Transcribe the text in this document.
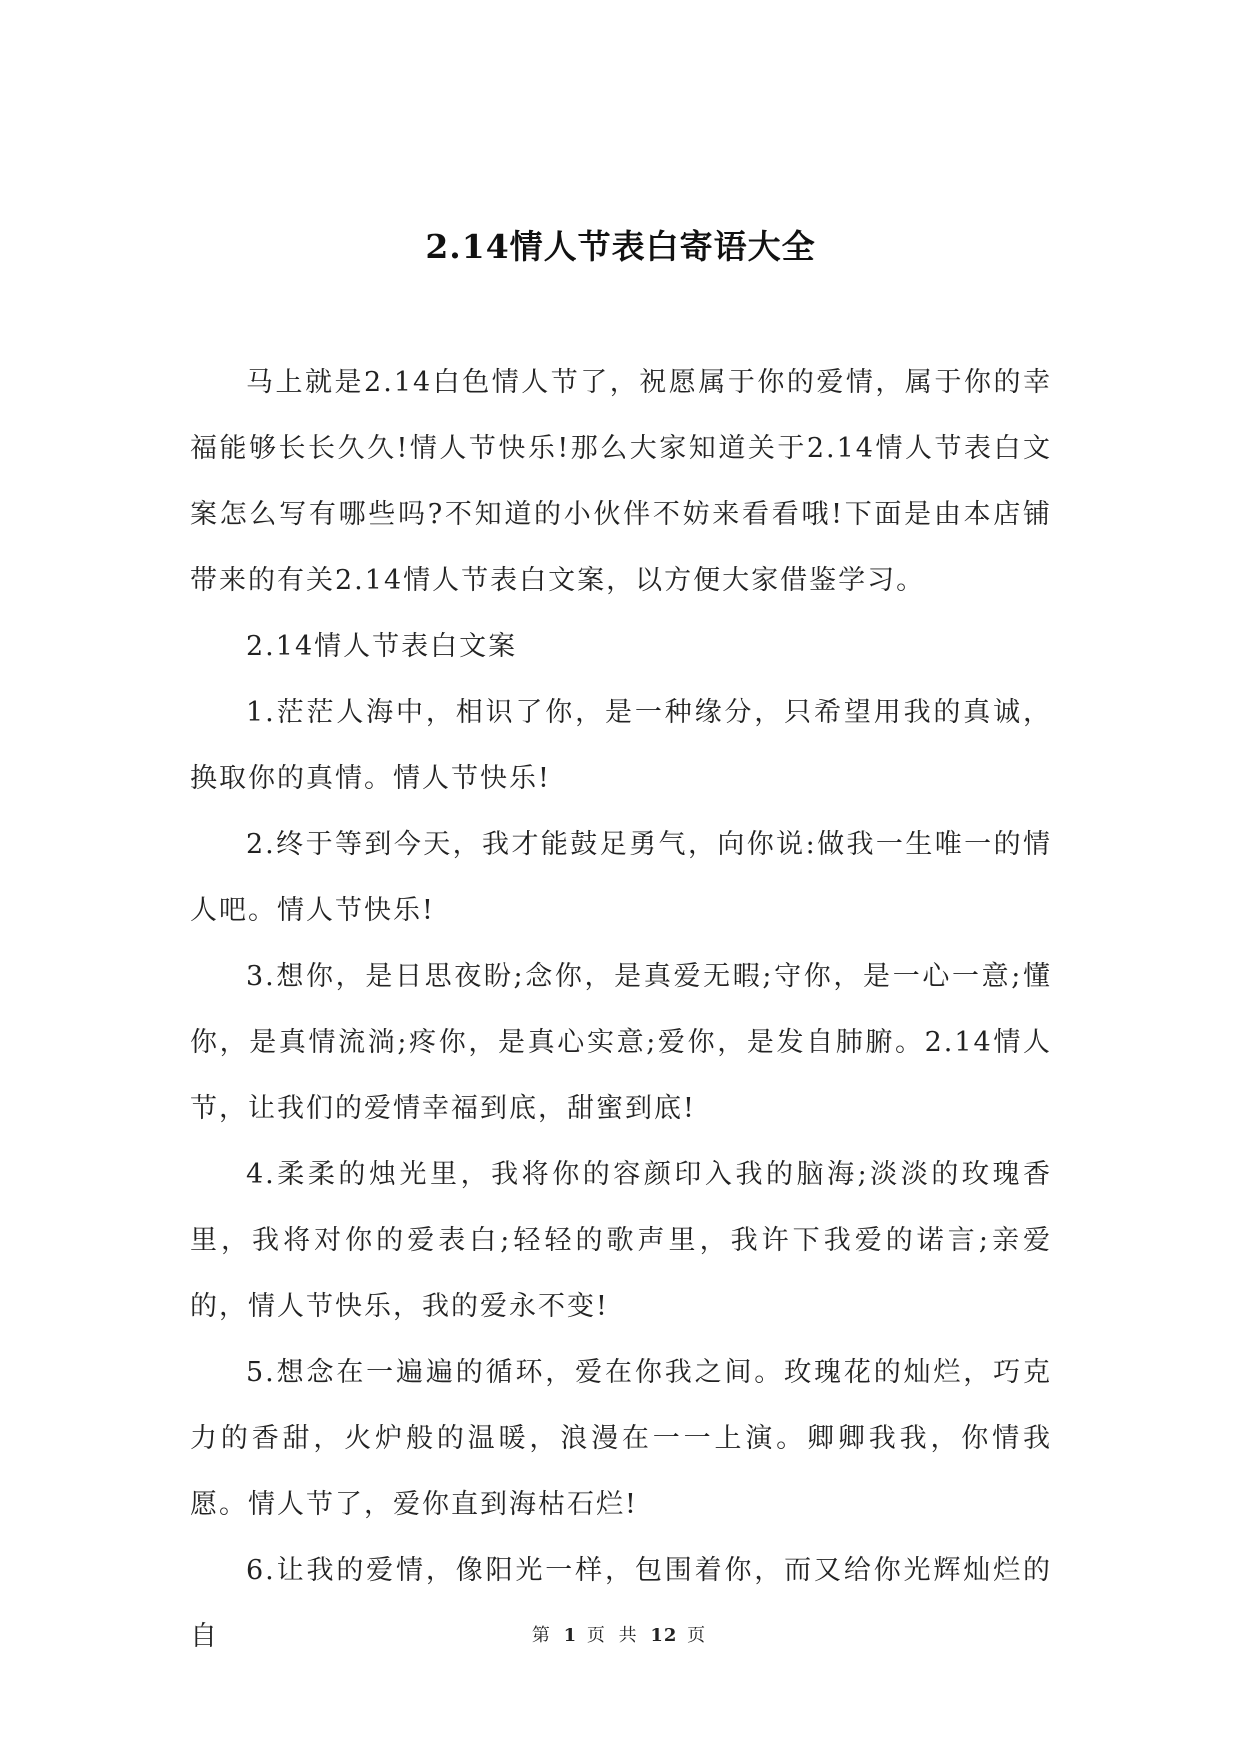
2.14情人节表白寄语大全

马上就是2.14白色情人节了，祝愿属于你的爱情，属于你的幸福能够长长久久!情人节快乐!那么大家知道关于2.14情人节表白文案怎么写有哪些吗?不知道的小伙伴不妨来看看哦!下面是由本店铺带来的有关2.14情人节表白文案，以方便大家借鉴学习。

2.14情人节表白文案

1.茫茫人海中，相识了你，是一种缘分，只希望用我的真诚，换取你的真情。情人节快乐!

2.终于等到今天，我才能鼓足勇气，向你说:做我一生唯一的情人吧。情人节快乐!

3.想你，是日思夜盼;念你，是真爱无暇;守你，是一心一意;懂你，是真情流淌;疼你，是真心实意;爱你，是发自肺腑。2.14情人节，让我们的爱情幸福到底，甜蜜到底!

4.柔柔的烛光里，我将你的容颜印入我的脑海;淡淡的玫瑰香里，我将对你的爱表白;轻轻的歌声里，我许下我爱的诺言;亲爱的，情人节快乐，我的爱永不变!

5.想念在一遍遍的循环，爱在你我之间。玫瑰花的灿烂，巧克力的香甜，火炉般的温暖，浪漫在一一上演。卿卿我我，你情我愿。情人节了，爱你直到海枯石烂!

6.让我的爱情，像阳光一样，包围着你，而又给你光辉灿烂的自	第 1 页 共 12 页
